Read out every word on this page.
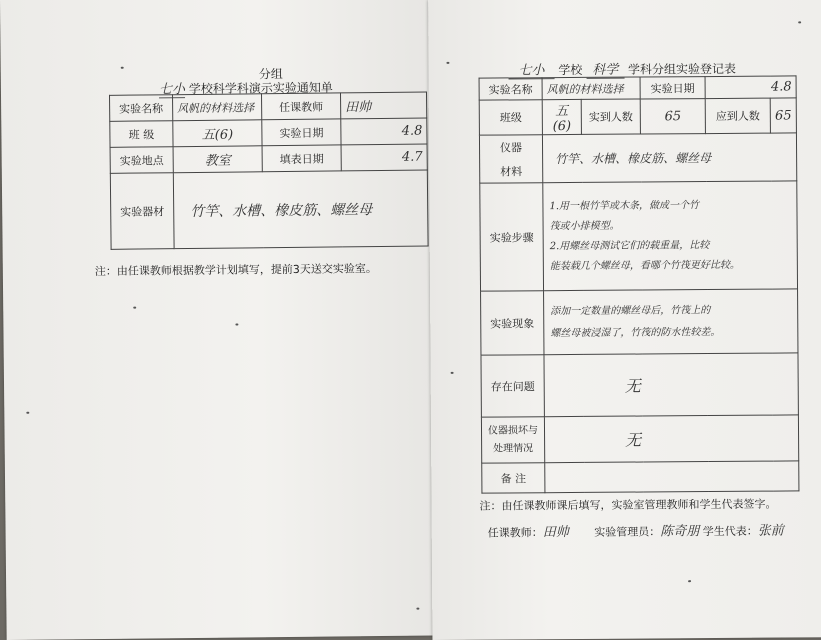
分组
七小 学校科学科演示实验通知单
实验名称	风帆的材料选择	任课教师	田帅
班 级	五(6)	实验日期	4.8
实验地点	教室	填表日期	4.7
实验器材	竹竿、水槽、橡皮筋、螺丝母		
注：由任课教师根据教学计划填写，提前3天送交实验室。
七小 学校 科学 学科分组实验登记表
实验名称	风帆的材料选择		实验日期	4.8	
班级	五(6)	实到人数	65	应到人数	65

仪器
材料	竹竿、水槽、橡皮筋、螺丝母				
实验步骤	1.用一根竹竿或木条，做成一个竹
筏或小排模型。
2.用螺丝母测试它们的载重量，比较
能装载几个螺丝母，看哪个竹筏更好比较。				

实验现象	添加一定数量的螺丝母后，竹筏上的
螺丝母被浸湿了，竹筏的防水性较差。				

存在问题	无				

仪器损坏与
处理情况	无				
备 注					
注：由任课教师课后填写，实验室管理教师和学生代表签字。
任课教师：田帅 实验管理员：陈奇朋 学生代表：张前
